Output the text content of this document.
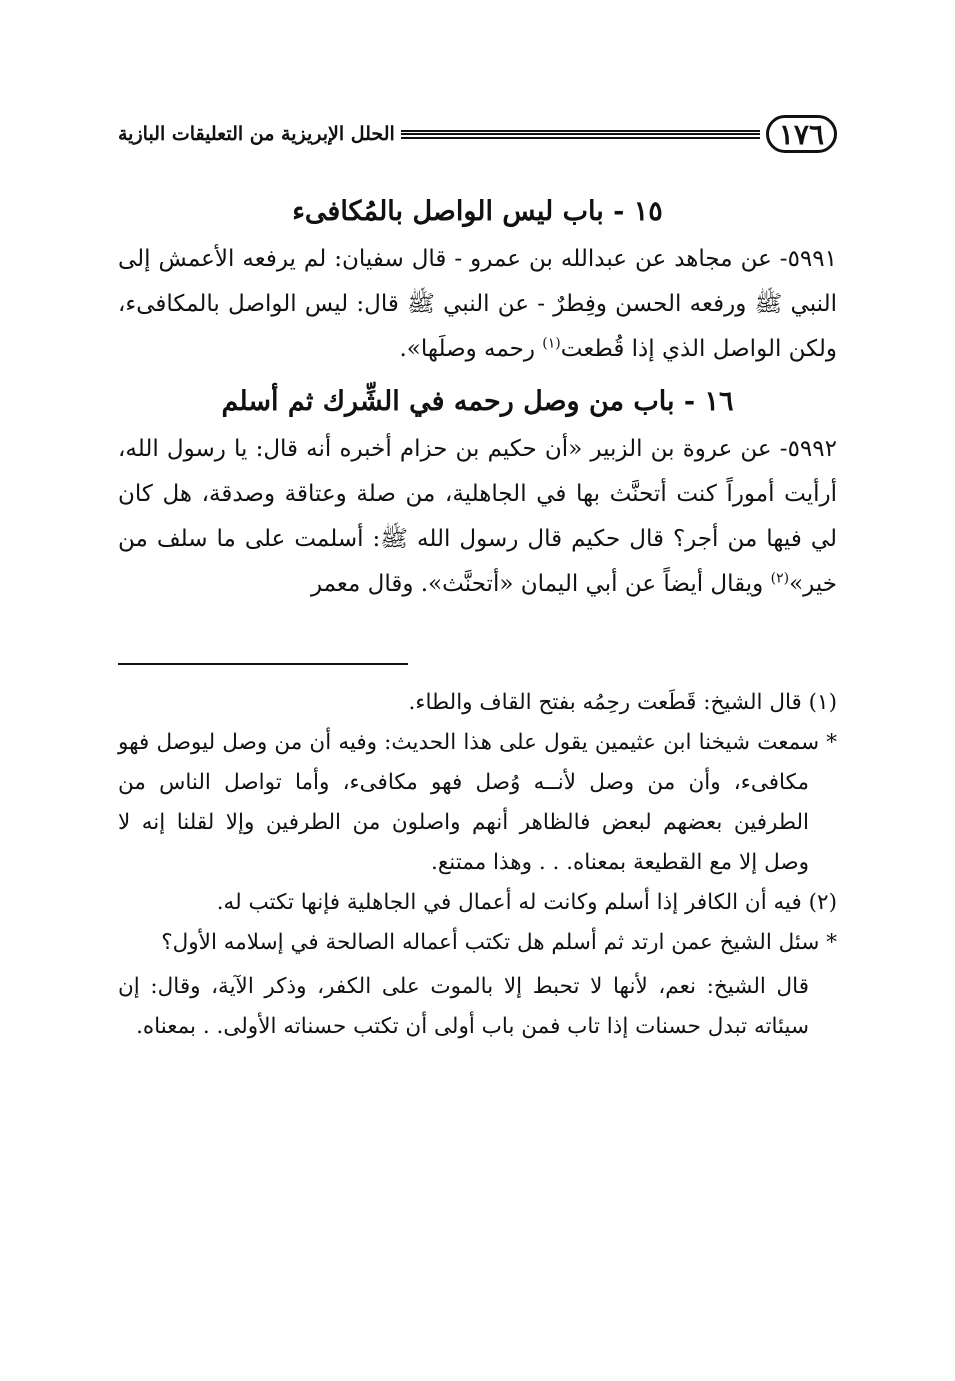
١٧٦
الحلل الإبريزية من التعليقات البازية
١٥ - باب ليس الواصل بالمُكافىء

٥٩٩١- عن مجاهد عن عبدالله بن عمرو - قال سفيان: لم يرفعه الأعمش إلى النبي ﷺ ورفعه الحسن وفِطرٌ - عن النبي ﷺ قال: ليس الواصل بالمكافىء، ولكن الواصل الذي إذا قُطعت$^{(١)}$ رحمه وصلَها».

١٦ - باب من وصل رحمه في الشِّرك ثم أسلم

٥٩٩٢- عن عروة بن الزبير «أن حكيم بن حزام أخبره أنه قال: يا رسول الله، أرأيت أموراً كنت أتحنَّث بها في الجاهلية، من صلة وعتاقة وصدقة، هل كان لي فيها من أجر؟ قال حكيم قال رسول الله ﷺ: أسلمت على ما سلف من خير»$^{(٢)}$ ويقال أيضاً عن أبي اليمان «أتحنَّث». وقال معمر

(١) قال الشيخ: قَطَعت رحِمُه بفتح القاف والطاء.

* سمعت شيخنا ابن عثيمين يقول على هذا الحديث: وفيه أن من وصل ليوصل فهو مكافىء، وأن من وصل لأنــه وُصل فهو مكافىء، وأما تواصل الناس من الطرفين بعضهم لبعض فالظاهر أنهم واصلون من الطرفين وإلا لقلنا إنه لا وصل إلا مع القطيعة بمعناه. . . وهذا ممتنع.

(٢) فيه أن الكافر إذا أسلم وكانت له أعمال في الجاهلية فإنها تكتب له.

* سئل الشيخ عمن ارتد ثم أسلم هل تكتب أعماله الصالحة في إسلامه الأول؟

قال الشيخ: نعم، لأنها لا تحبط إلا بالموت على الكفر، وذكر الآية، وقال: إن سيئاته تبدل حسنات إذا تاب فمن باب أولى أن تكتب حسناته الأولى. . بمعناه.
